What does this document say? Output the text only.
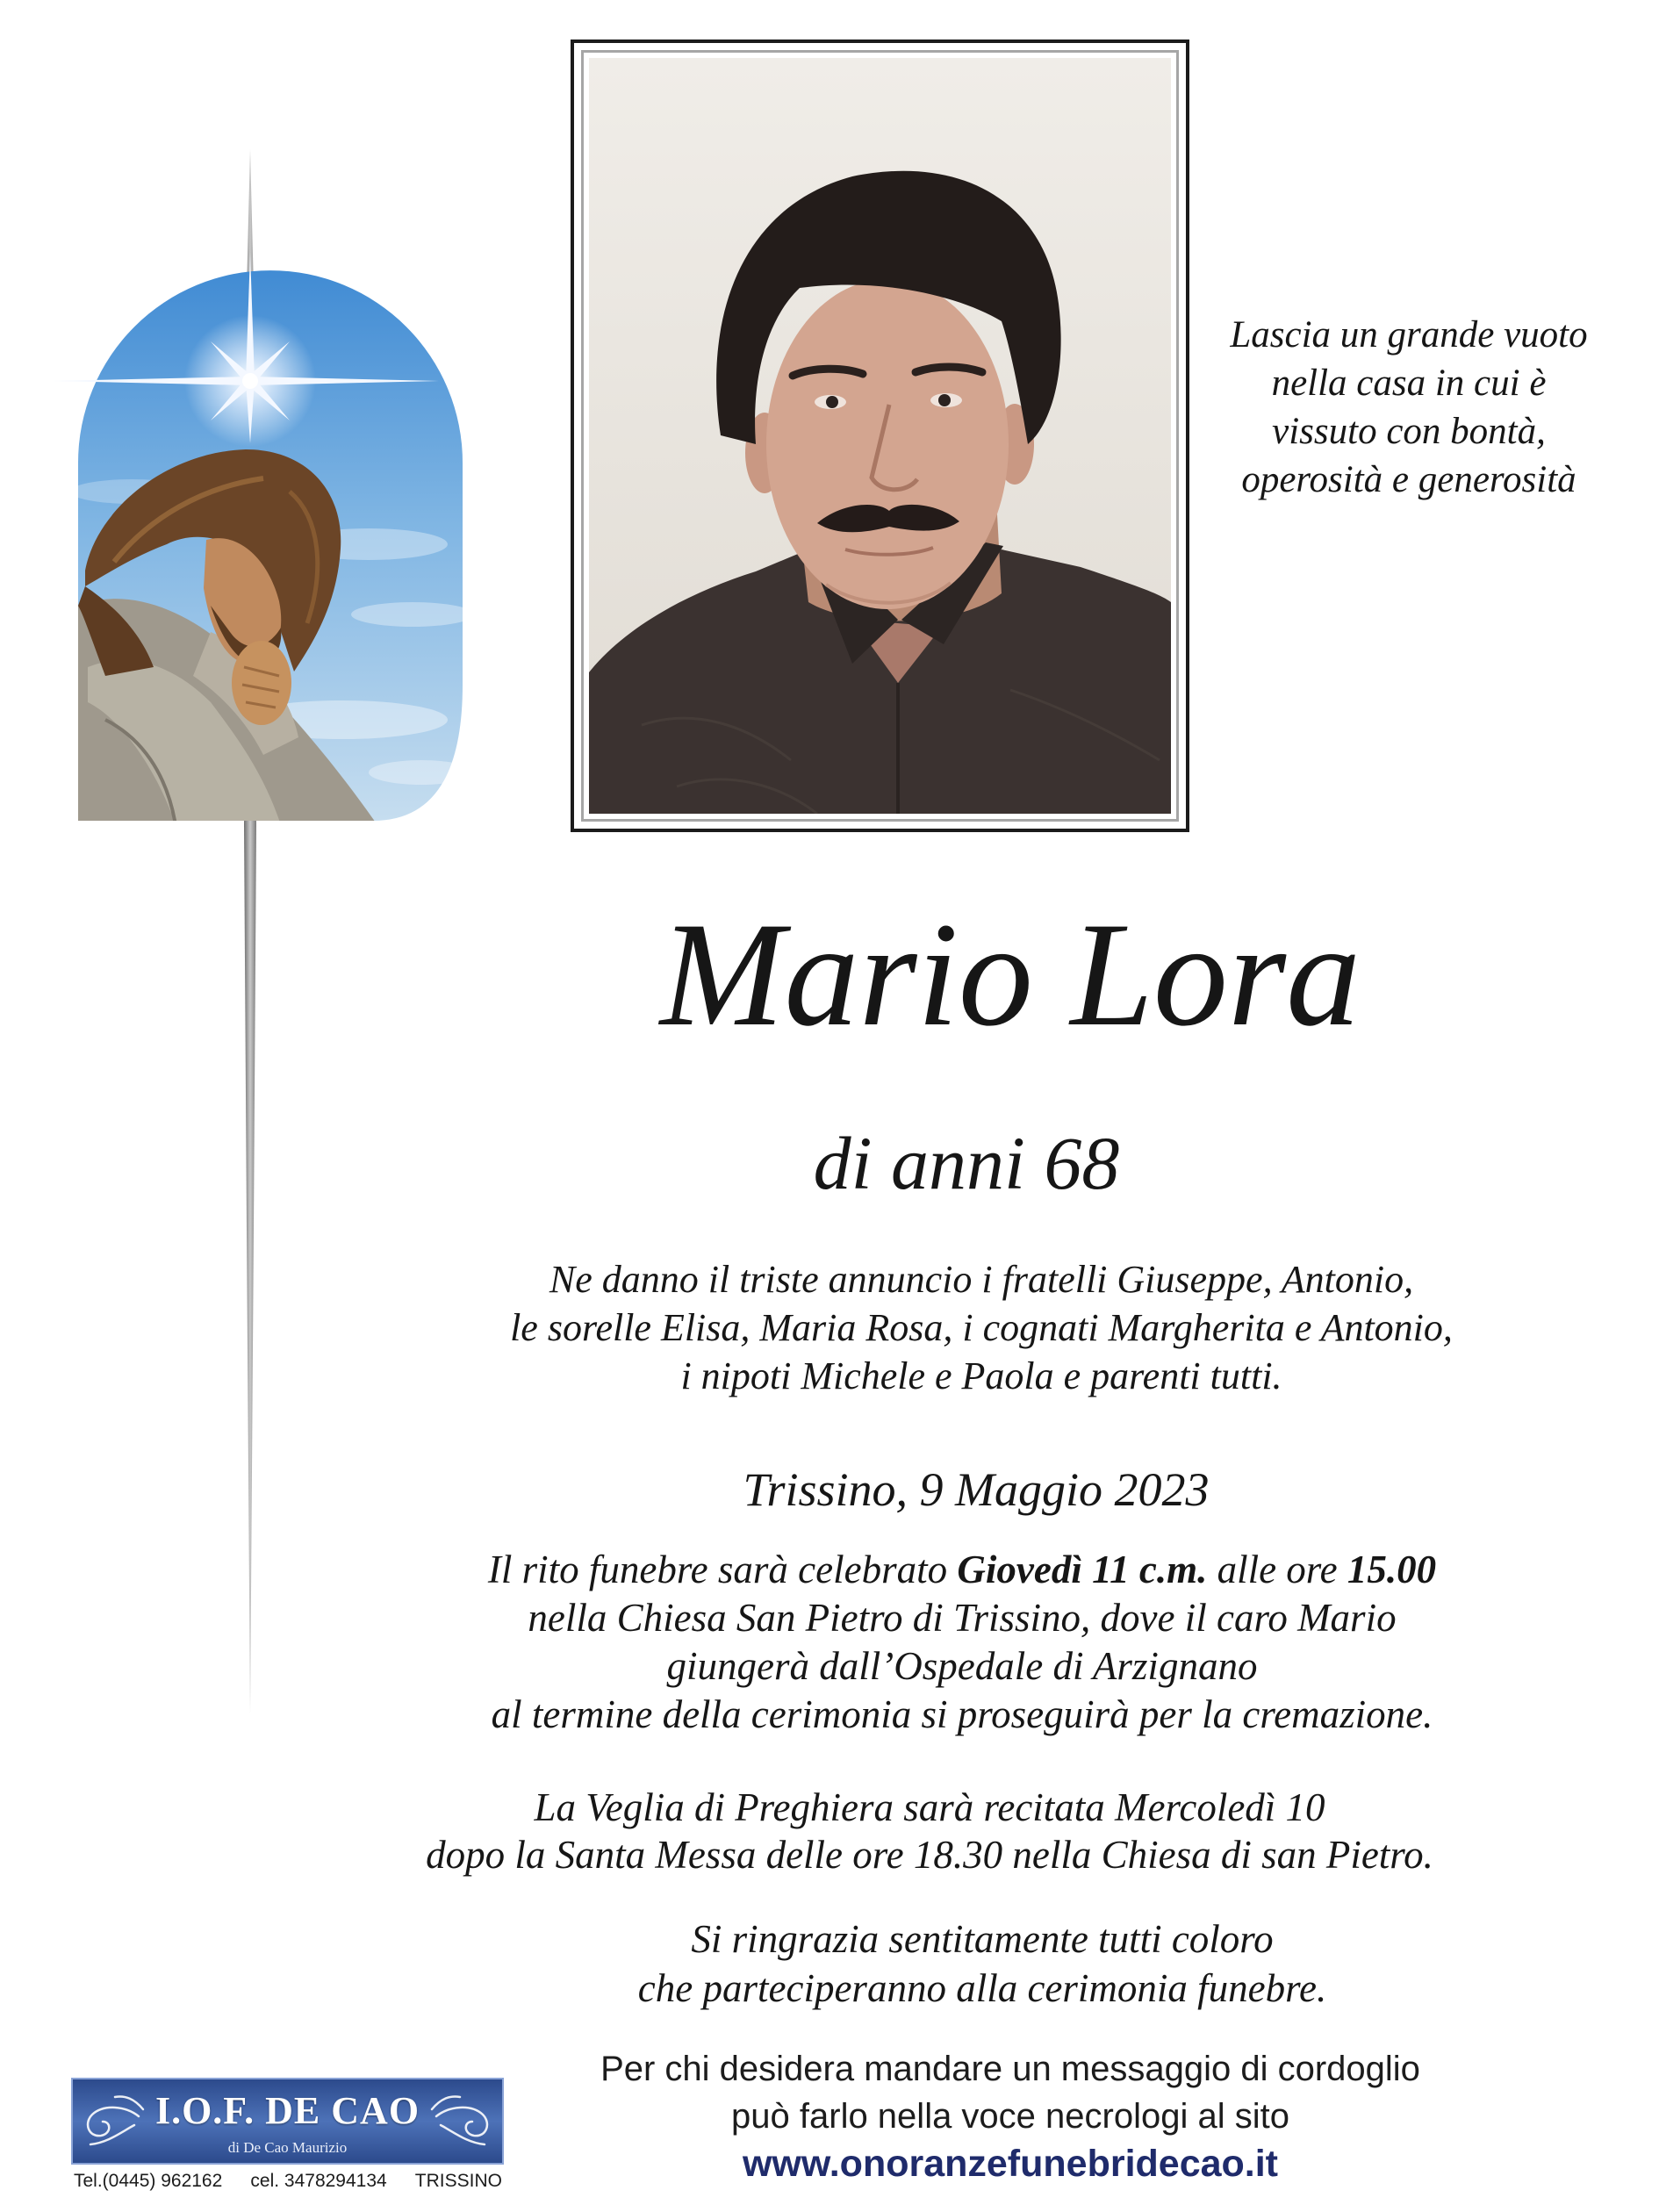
Lascia un grande vuoto
nella casa in cui è
vissuto con bontà,
operosità e generosità
Mario Lora
di anni 68
Ne danno il triste annuncio i fratelli Giuseppe, Antonio,
le sorelle Elisa, Maria Rosa, i cognati Margherita e Antonio,
i nipoti Michele e Paola e parenti tutti.
Trissino, 9 Maggio 2023
Il rito funebre sarà celebrato Giovedì 11 c.m. alle ore 15.00
nella Chiesa San Pietro di Trissino, dove il caro Mario
giungerà dall’Ospedale di Arzignano
al termine della cerimonia si proseguirà per la cremazione.
La Veglia di Preghiera sarà recitata Mercoledì 10
dopo la Santa Messa delle ore 18.30 nella Chiesa di san Pietro.
Si ringrazia sentitamente tutti coloro
che parteciperanno alla cerimonia funebre.
Per chi desidera mandare un messaggio di cordoglio
può farlo nella voce necrologi al sito
www.onoranzefunebridecao.it
I.O.F. DE CAO
di De Cao Maurizio
Tel.(0445) 962162 cel. 3478294134 TRISSINO
